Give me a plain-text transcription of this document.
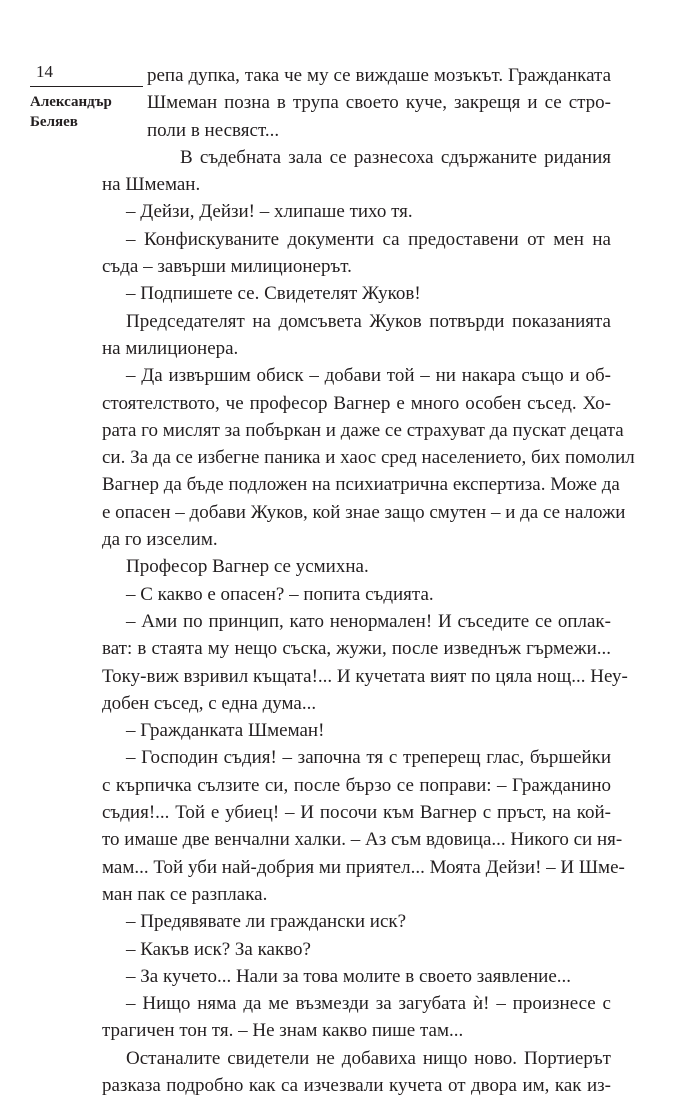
14
Александър
Беляев
репа дупка, така че му се виждаше мозъкът. Гражданката
Шмеман позна в трупа своето куче, закрещя и се стро-
поли в несвяст...
В съдебната зала се разнесоха сдържаните ридания
на Шмеман.
– Дейзи, Дейзи! – хлипаше тихо тя.
– Конфискуваните документи са предоставени от мен на
съда – завърши милиционерът.
– Подпишете се. Свидетелят Жуков!
Председателят на домсъвета Жуков потвърди показанията
на милиционера.
– Да извършим обиск – добави той – ни накара също и об-
стоятелството, че професор Вагнер е много особен съсед. Хо-
рата го мислят за побъркан и даже се страхуват да пускат децата
си. За да се избегне паника и хаос сред населението, бих помолил
Вагнер да бъде подложен на психиатрична експертиза. Може да
е опасен – добави Жуков, кой знае защо смутен – и да се наложи
да го изселим.
Професор Вагнер се усмихна.
– С какво е опасен? – попита съдията.
– Ами по принцип, като ненормален! И съседите се оплак-
ват: в стаята му нещо съска, жужи, после изведнъж гърмежи...
Току-виж взривил къщата!... И кучетата вият по цяла нощ... Неу-
добен съсед, с една дума...
– Гражданката Шмеман!
– Господин съдия! – започна тя с треперещ глас, бършейки
с кърпичка сълзите си, после бързо се поправи: – Гражданино
съдия!... Той е убиец! – И посочи към Вагнер с пръст, на кой-
то имаше две венчални халки. – Аз съм вдовица... Никого си ня-
мам... Той уби най-добрия ми приятел... Моята Дейзи! – И Шме-
ман пак се разплака.
– Предявявате ли граждански иск?
– Какъв иск? За какво?
– За кучето... Нали за това молите в своето заявление...
– Нищо няма да ме възмезди за загубата ѝ! – произнесе с
трагичен тон тя. – Не знам какво пише там...
Останалите свидетели не добавиха нищо ново. Портиерът
разказа подробно как са изчезвали кучета от двора им, как из-
